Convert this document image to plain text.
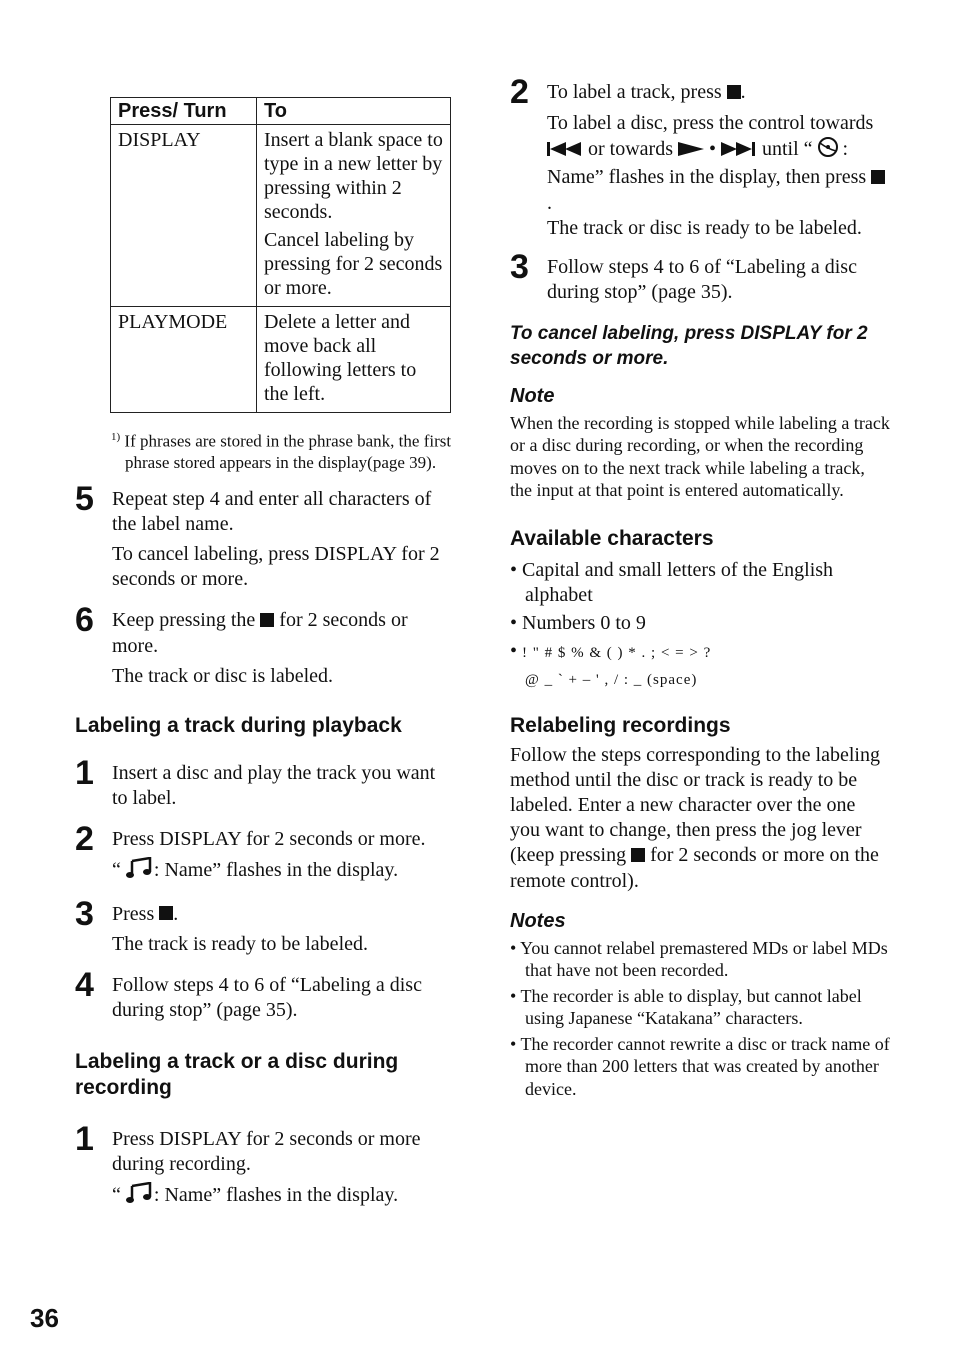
Press/ Turn	To
DISPLAY	Insert a blank space to type in a new letter by pressing within 2 seconds.

Cancel labeling by pressing for 2 seconds or more.

PLAYMODE	Delete a letter and move back all following letters to the left.

$^{1)}$ If phrases are stored in the phrase bank, the first phrase stored appears in the display(page 39).
5 Repeat step 4 and enter all characters of the label name.

To cancel labeling, press DISPLAY for 2 seconds or more.

6 Keep pressing the for 2 seconds or more.

The track or disc is labeled.

Labeling a track during playback
1 Insert a disc and play the track you want to label.

2 Press DISPLAY for 2 seconds or more.

“ : Name” flashes in the display.

3 Press .

The track is ready to be labeled.

4 Follow steps 4 to 6 of “Labeling a disc during stop” (page 35).

Labeling a track or a disc during recording
1 Press DISPLAY for 2 seconds or more during recording.

“ : Name” flashes in the display.

2 To label a track, press .

To label a disc, press the control towards  or towards  •  until “ : Name” flashes in the display, then press .

The track or disc is ready to be labeled.

3 Follow steps 4 to 6 of “Labeling a disc during stop” (page 35).

To cancel labeling, press DISPLAY for 2 seconds or more.

Note

When the recording is stopped while labeling a track or a disc during recording, or when the recording moves on to the next track while labeling a track, the input at that point is entered automatically.

Available characters
• Capital and small letters of the English alphabet
• Numbers 0 to 9
• ! " # $ % & ( ) * . ; < = > ?
@ _ ` + – ' , / : _ (space)
Relabeling recordings

Follow the steps corresponding to the labeling method until the disc or track is ready to be labeled. Enter a new character over the one you want to change, then press the jog lever (keep pressing for 2 seconds or more on the remote control).

Notes
• You cannot relabel premastered MDs or label MDs that have not been recorded.
• The recorder is able to display, but cannot label using Japanese “Katakana” characters.
• The recorder cannot rewrite a disc or track name of more than 200 letters that was created by another device.
36
